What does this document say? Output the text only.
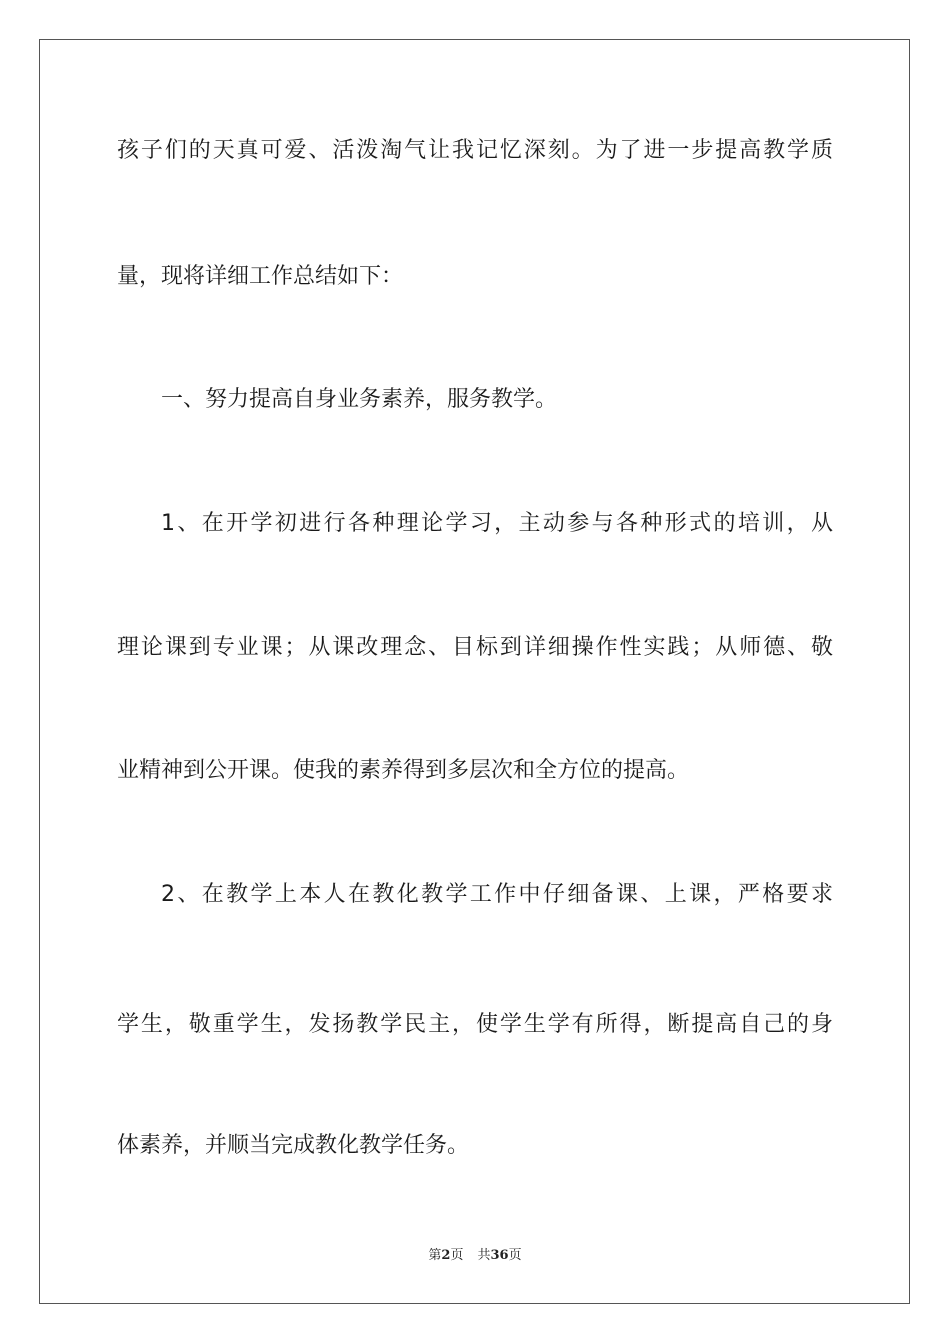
孩子们的天真可爱、活泼淘气让我记忆深刻。为了进一步提高教学质
量，现将详细工作总结如下：
一、努力提高自身业务素养，服务教学。
1、在开学初进行各种理论学习，主动参与各种形式的培训，从
理论课到专业课；从课改理念、目标到详细操作性实践；从师德、敬
业精神到公开课。使我的素养得到多层次和全方位的提高。
2、在教学上本人在教化教学工作中仔细备课、上课，严格要求
学生，敬重学生，发扬教学民主，使学生学有所得，断提高自己的身
体素养，并顺当完成教化教学任务。
第2页 共36页
